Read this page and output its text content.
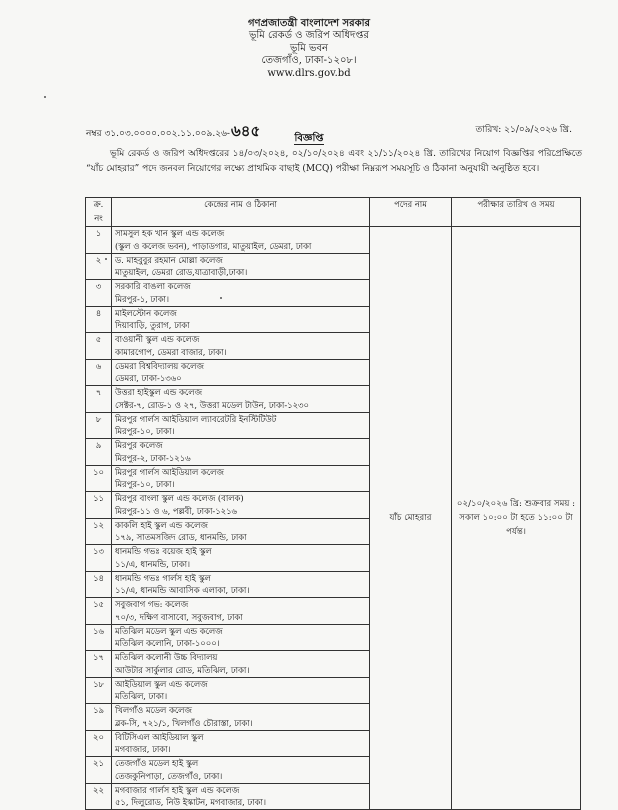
গণপ্রজাতন্ত্রী বাংলাদেশ সরকার
ভূমি রেকর্ড ও জরিপ অধিদপ্তর
ভূমি ভবন
তেজগাঁও, ঢাকা-১২০৮।
www.dlrs.gov.bd
নম্বর ৩১.০৩.০০০০.০০২.১১.০০৯.২৬-৬৪৫	তারিখ: ২১/০৯/২০২৬ খ্রি.
বিজ্ঞপ্তি
ভূমি রেকর্ড ও জরিপ অধিদপ্তরের ১৪/০৩/২০২৪, ০২/১০/২০২৪ এবং ২১/১১/২০২৪ খ্রি. তারিখের নিয়োগ বিজ্ঞপ্তির পরিপ্রেক্ষিতে “যাঁচ মোহরার” পদে জনবল নিয়োগের লক্ষ্যে প্রাথমিক বাছাই (MCQ) পরীক্ষা নিম্নরূপ সময়সূচি ও ঠিকানা অনুযায়ী অনুষ্ঠিত হবে।
ক্র. নং	কেন্দ্রের নাম ও ঠিকানা	পদের নাম	পরীক্ষার তারিখ ও সময়
১	সামসুল হক খান স্কুল এন্ড কলেজ
(স্কুল ও কলেজ ভবন), পাড়াডগার, মাতুয়াইল, ডেমরা, ঢাকা	যাঁচ মোহরার	০২/১০/২০২৬ খ্রি: শুক্রবার সময় : সকাল ১০:০০ টা হতে ১১:০০ টা পর্যন্ত।
২	ড. মাহবুবুর রহমান মোল্লা কলেজ
মাতুয়াইল, ডেমরা রোড,যাত্রাবাড়ী,ঢাকা।		

৩	সরকারি বাঙলা কলেজ
মিরপুর-১, ঢাকা।		

৪	মাইলস্টোন কলেজ
দিয়াবাড়ি, তুরাগ, ঢাকা		

৫	বাওয়ানী স্কুল এন্ড কলেজ
কামারগোপ, ডেমরা বাজার, ঢাকা।		

৬	ডেমরা বিশ্ববিদ্যালয় কলেজ
ডেমরা, ঢাকা-১৩৬০		

৭	উত্তরা হাইস্কুল এন্ড কলেজ
সেক্টর-৭, রোড-১ ও ২৭, উত্তরা মডেল টাউন, ঢাকা-১২৩০		

৮	মিরপুর গার্লস আইডিয়াল ল্যাবরেটরি ইনস্টিটিউট
মিরপুর-১০, ঢাকা।		

৯	মিরপুর কলেজ
মিরপুর-২, ঢাকা-১২১৬		

১০	মিরপুর গার্লস আইডিয়াল কলেজ
মিরপুর-১০, ঢাকা।		

১১	মিরপুর বাংলা স্কুল এন্ড কলেজ (বালক)
মিরপুর-১১ ও ৬, পল্লবী, ঢাকা-১২১৬		

১২	কাকলি হাই স্কুল এন্ড কলেজ
১৭৯, সাতমসজিদ রোড, ধানমন্ডি, ঢাকা		

১৩	ধানমন্ডি গভঃ বয়েজ হাই স্কুল
১১/এ, ধানমন্ডি, ঢাকা।		

১৪	ধানমন্ডি গভঃ গার্লস হাই স্কুল
১১/এ, ধানমন্ডি আবাসিক এলাকা, ঢাকা।		

১৫	সবুজবাগ গভ: কলেজ
৭০/৩, দক্ষিণ বাসাবো, সবুজবাগ, ঢাকা		

১৬	মতিঝিল মডেল স্কুল এন্ড কলেজ
মতিঝিল কলোনি, ঢাকা-১০০০।		

১৭	মতিঝিল কলোনী উচ্চ বিদ্যালয়
আউটার সার্কুলার রোড, মতিঝিল, ঢাকা।		

১৮	আইডিয়াল স্কুল এন্ড কলেজ
মতিঝিল, ঢাকা।		

১৯	খিলগাঁও মডেল কলেজ
ব্লক-সি, ৭২১/১, খিলগাঁও চৌরাস্তা, ঢাকা।		

২০	বিটিসিএল আইডিয়াল স্কুল
মগবাজার, ঢাকা।		

২১	তেজগাঁও মডেল হাই স্কুল
তেজকুনিপাড়া, তেজগাঁও, ঢাকা।		

২২	মগবাজার গার্লস হাই স্কুল এন্ড কলেজ
৫১, দিলুরোড, নিউ ইস্কাটন, মগবাজার, ঢাকা।		
